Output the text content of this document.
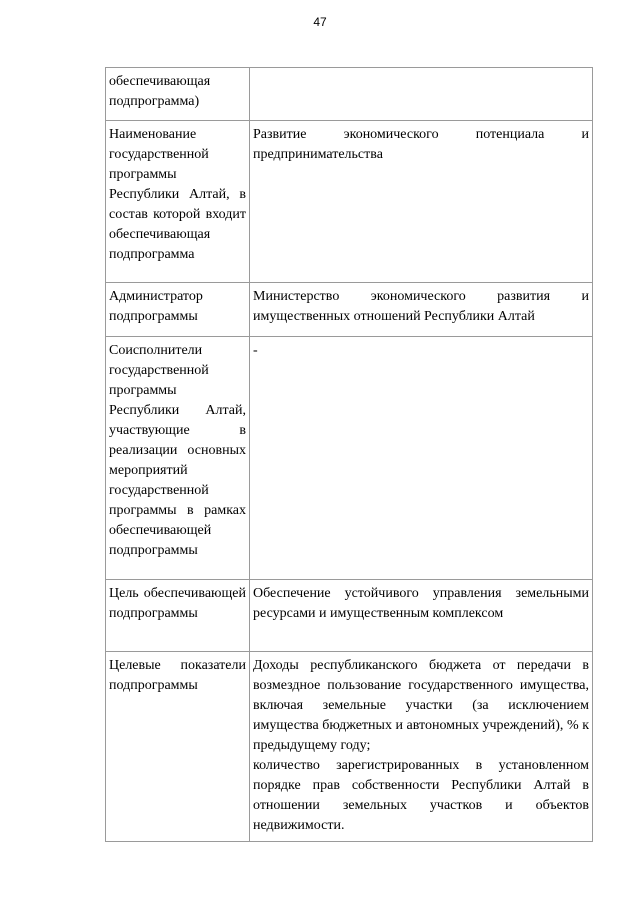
47
обеспечивающая подпрограмма)	

Наименование государственной программы Республики Алтай, в состав которой входит обеспечивающая подпрограмма	Развитие экономического потенциала и предпринимательства

Администратор подпрограммы	Министерство экономического развития и имущественных отношений Республики Алтай

Соисполнители государственной программы Республики Алтай, участвующие в реализации основных мероприятий государственной программы в рамках обеспечивающей подпрограммы	-

Цель обеспечивающей подпрограммы	Обеспечение устойчивого управления земельными ресурсами и имущественным комплексом

Целевые показатели подпрограммы	Доходы республиканского бюджета от передачи в возмездное пользование государственного имущества, включая земельные участки (за исключением имущества бюджетных и автономных учреждений), % к предыдущему году;
количество зарегистрированных в установленном порядке прав собственности Республики Алтай в отношении земельных участков и объектов недвижимости.
